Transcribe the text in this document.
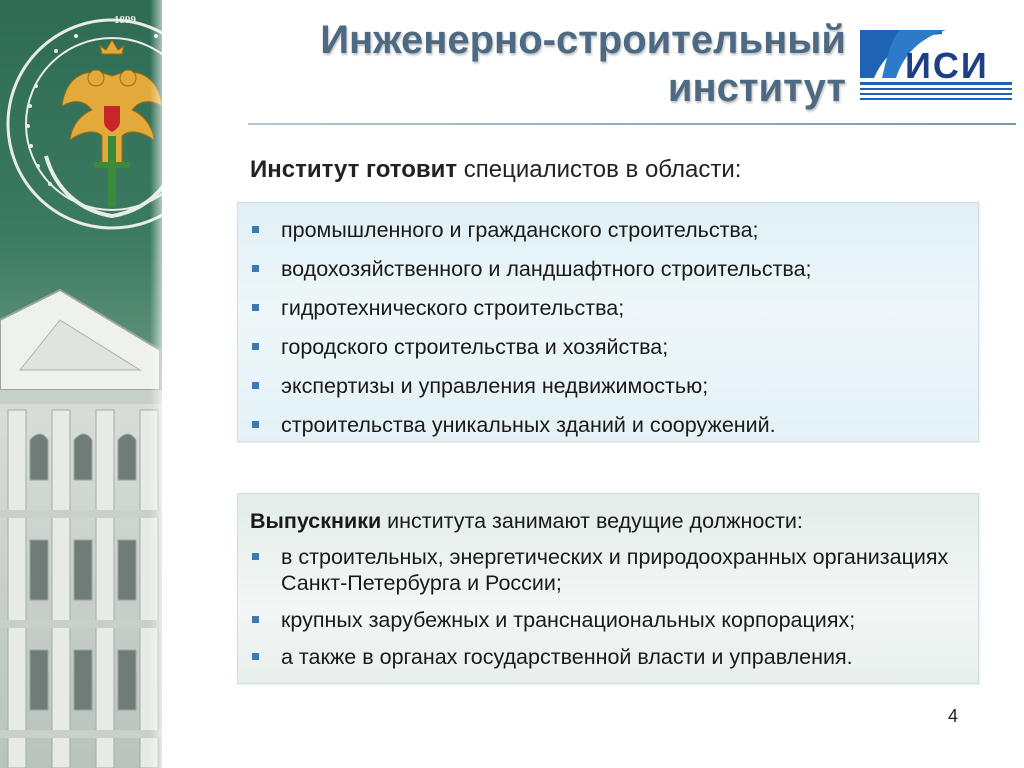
1899	Инженерно-строительный
институт
ИСИ
Институт готовит специалистов в области:
промышленного и гражданского строительства;
водохозяйственного и ландшафтного строительства;
гидротехнического строительства;
городского строительства и хозяйства;
экспертизы и управления недвижимостью;
строительства уникальных зданий и сооружений.
Выпускники института занимают ведущие должности:
в строительных, энергетических и природоохранных организациях Санкт-Петербурга и России;
крупных зарубежных и транснациональных корпорациях;
а также в органах государственной власти и управления.
4
